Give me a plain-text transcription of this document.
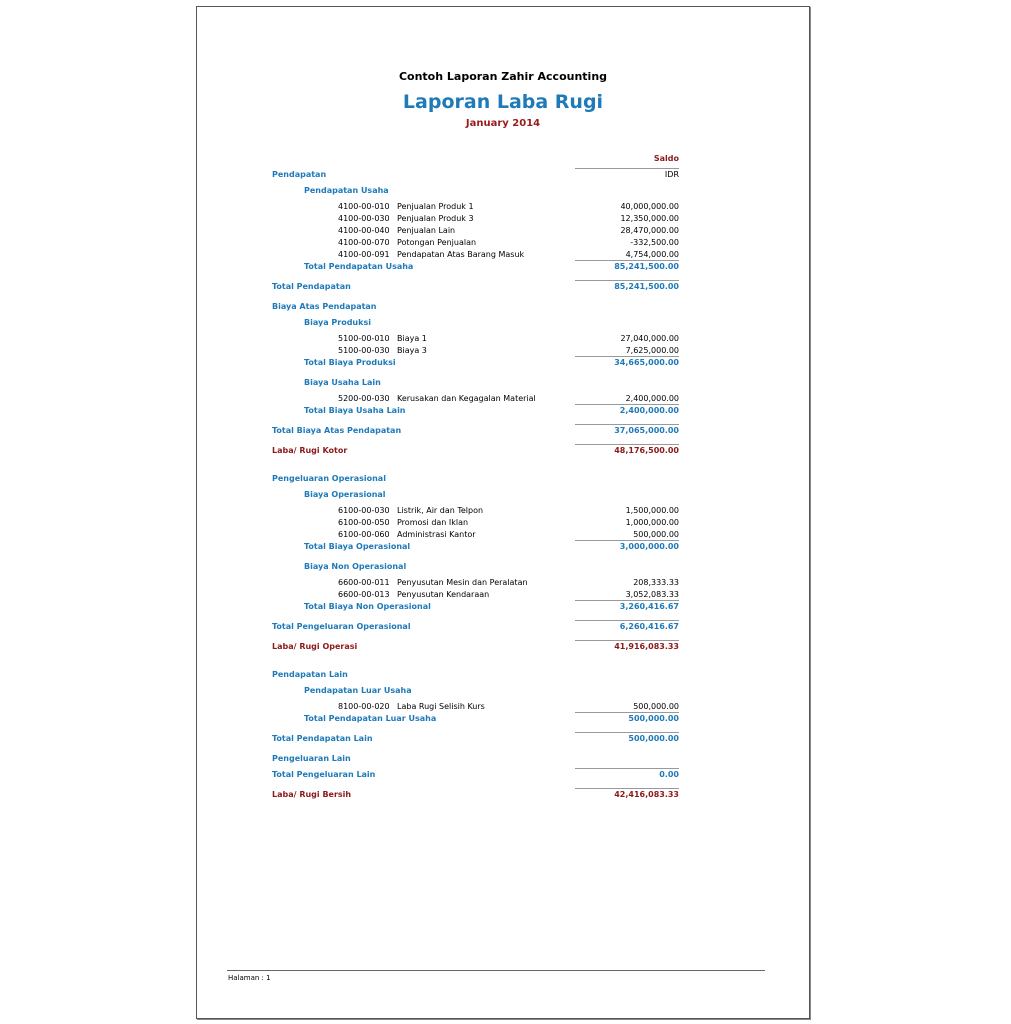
Contoh Laporan Zahir Accounting
Laporan Laba Rugi
January 2014
Saldo
IDR
Pendapatan
Pendapatan Usaha
4100-00-010 Penjualan Produk 1	40,000,000.00
4100-00-030 Penjualan Produk 3	12,350,000.00
4100-00-040 Penjualan Lain	28,470,000.00
4100-00-070 Potongan Penjualan	-332,500.00
4100-00-091 Pendapatan Atas Barang Masuk	4,754,000.00
Total Pendapatan Usaha	85,241,500.00
Total Pendapatan	85,241,500.00
Biaya Atas Pendapatan
Biaya Produksi
5100-00-010 Biaya 1	27,040,000.00
5100-00-030 Biaya 3	7,625,000.00
Total Biaya Produksi	34,665,000.00
Biaya Usaha Lain
5200-00-030 Kerusakan dan Kegagalan Material	2,400,000.00
Total Biaya Usaha Lain	2,400,000.00
Total Biaya Atas Pendapatan	37,065,000.00
Laba/ Rugi Kotor	48,176,500.00
Pengeluaran Operasional
Biaya Operasional
6100-00-030 Listrik, Air dan Telpon	1,500,000.00
6100-00-050 Promosi dan Iklan	1,000,000.00
6100-00-060 Administrasi Kantor	500,000.00
Total Biaya Operasional	3,000,000.00
Biaya Non Operasional
6600-00-011 Penyusutan Mesin dan Peralatan	208,333.33
6600-00-013 Penyusutan Kendaraan	3,052,083.33
Total Biaya Non Operasional	3,260,416.67
Total Pengeluaran Operasional	6,260,416.67
Laba/ Rugi Operasi	41,916,083.33
Pendapatan Lain
Pendapatan Luar Usaha
8100-00-020 Laba Rugi Selisih Kurs	500,000.00
Total Pendapatan Luar Usaha	500,000.00
Total Pendapatan Lain	500,000.00
Pengeluaran Lain
Total Pengeluaran Lain	0.00
Laba/ Rugi Bersih	42,416,083.33
Halaman : 1
